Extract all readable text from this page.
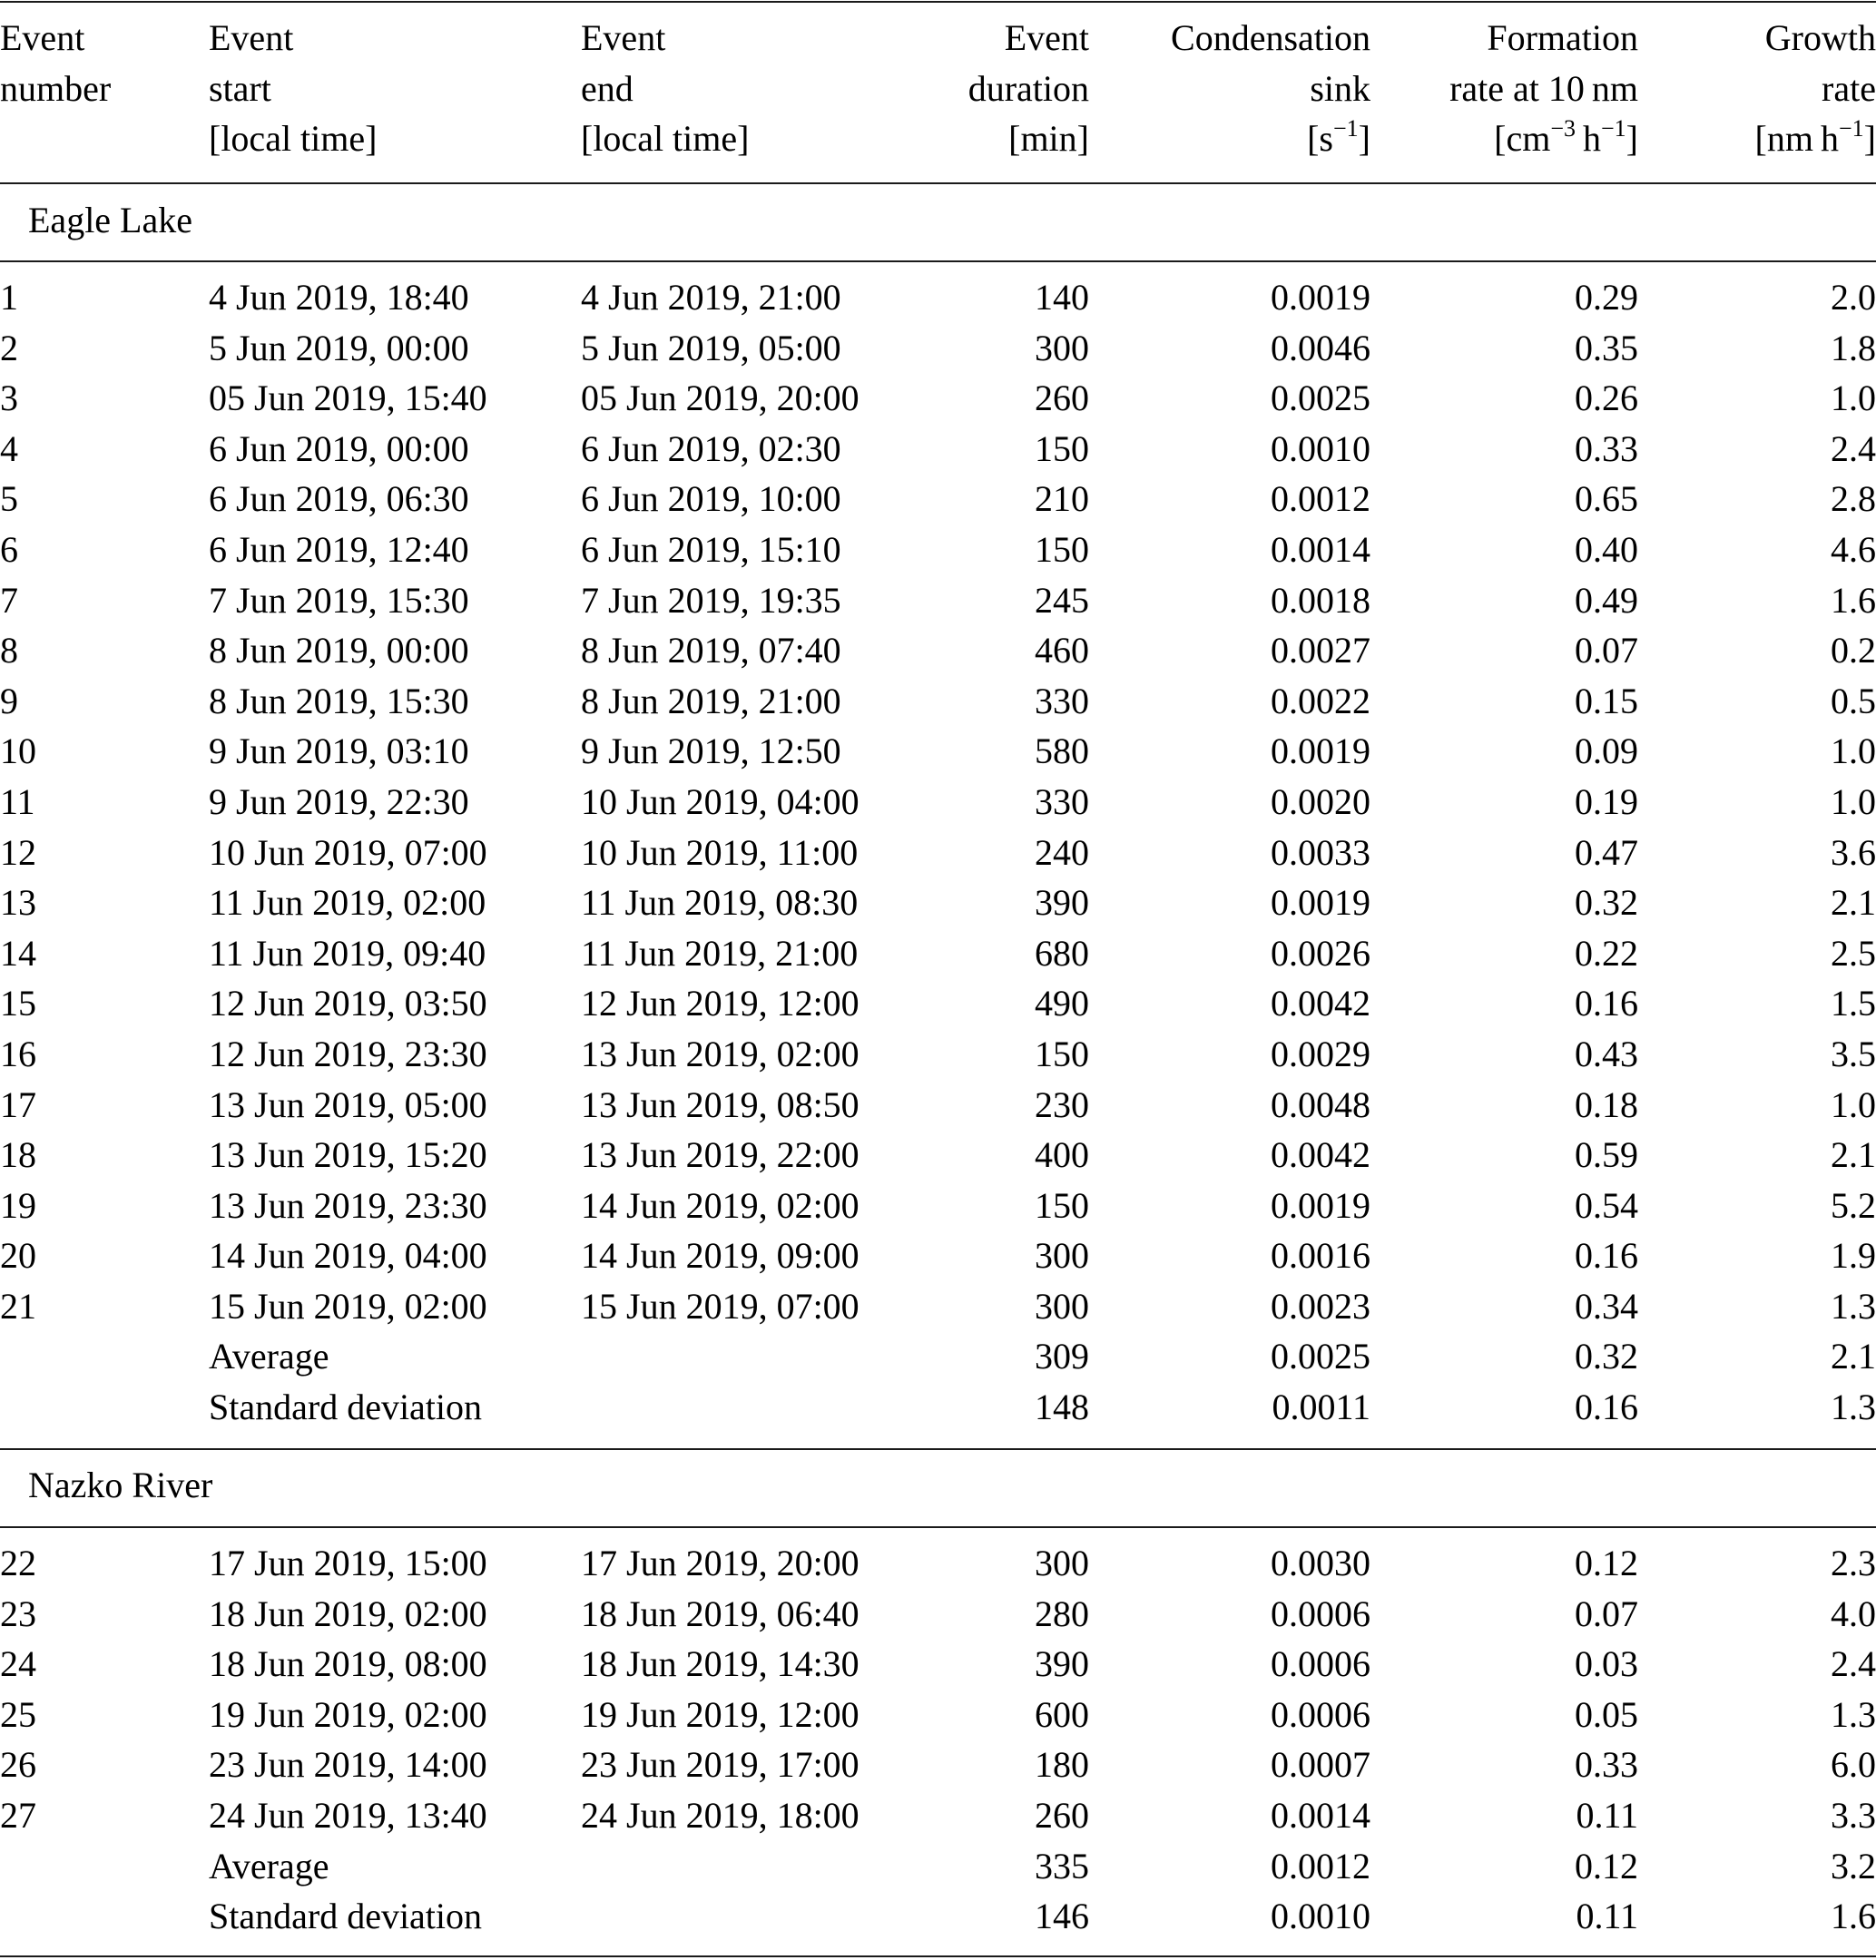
Event	Event	Event	Event	Condensation	Formation	Growth
number	start	end	duration	sink	rate at 10 nm	rate
	[local time]	[local time]	[min]	$[s^{-1}]$	[$cm^{-3}$ $h^{-1}$]	[nm $h^{-1}$]
Eagle Lake
1	4 Jun 2019, 18:40	4 Jun 2019, 21:00	140	0.0019	0.29	2.0
2	5 Jun 2019, 00:00	5 Jun 2019, 05:00	300	0.0046	0.35	1.8
3	05 Jun 2019, 15:40	05 Jun 2019, 20:00	260	0.0025	0.26	1.0
4	6 Jun 2019, 00:00	6 Jun 2019, 02:30	150	0.0010	0.33	2.4
5	6 Jun 2019, 06:30	6 Jun 2019, 10:00	210	0.0012	0.65	2.8
6	6 Jun 2019, 12:40	6 Jun 2019, 15:10	150	0.0014	0.40	4.6
7	7 Jun 2019, 15:30	7 Jun 2019, 19:35	245	0.0018	0.49	1.6
8	8 Jun 2019, 00:00	8 Jun 2019, 07:40	460	0.0027	0.07	0.2
9	8 Jun 2019, 15:30	8 Jun 2019, 21:00	330	0.0022	0.15	0.5
10	9 Jun 2019, 03:10	9 Jun 2019, 12:50	580	0.0019	0.09	1.0
11	9 Jun 2019, 22:30	10 Jun 2019, 04:00	330	0.0020	0.19	1.0
12	10 Jun 2019, 07:00	10 Jun 2019, 11:00	240	0.0033	0.47	3.6
13	11 Jun 2019, 02:00	11 Jun 2019, 08:30	390	0.0019	0.32	2.1
14	11 Jun 2019, 09:40	11 Jun 2019, 21:00	680	0.0026	0.22	2.5
15	12 Jun 2019, 03:50	12 Jun 2019, 12:00	490	0.0042	0.16	1.5
16	12 Jun 2019, 23:30	13 Jun 2019, 02:00	150	0.0029	0.43	3.5
17	13 Jun 2019, 05:00	13 Jun 2019, 08:50	230	0.0048	0.18	1.0
18	13 Jun 2019, 15:20	13 Jun 2019, 22:00	400	0.0042	0.59	2.1
19	13 Jun 2019, 23:30	14 Jun 2019, 02:00	150	0.0019	0.54	5.2
20	14 Jun 2019, 04:00	14 Jun 2019, 09:00	300	0.0016	0.16	1.9
21	15 Jun 2019, 02:00	15 Jun 2019, 07:00	300	0.0023	0.34	1.3
	Average		309	0.0025	0.32	2.1
	Standard deviation		148	0.0011	0.16	1.3
Nazko River
22	17 Jun 2019, 15:00	17 Jun 2019, 20:00	300	0.0030	0.12	2.3
23	18 Jun 2019, 02:00	18 Jun 2019, 06:40	280	0.0006	0.07	4.0
24	18 Jun 2019, 08:00	18 Jun 2019, 14:30	390	0.0006	0.03	2.4
25	19 Jun 2019, 02:00	19 Jun 2019, 12:00	600	0.0006	0.05	1.3
26	23 Jun 2019, 14:00	23 Jun 2019, 17:00	180	0.0007	0.33	6.0
27	24 Jun 2019, 13:40	24 Jun 2019, 18:00	260	0.0014	0.11	3.3
	Average		335	0.0012	0.12	3.2
	Standard deviation		146	0.0010	0.11	1.6
